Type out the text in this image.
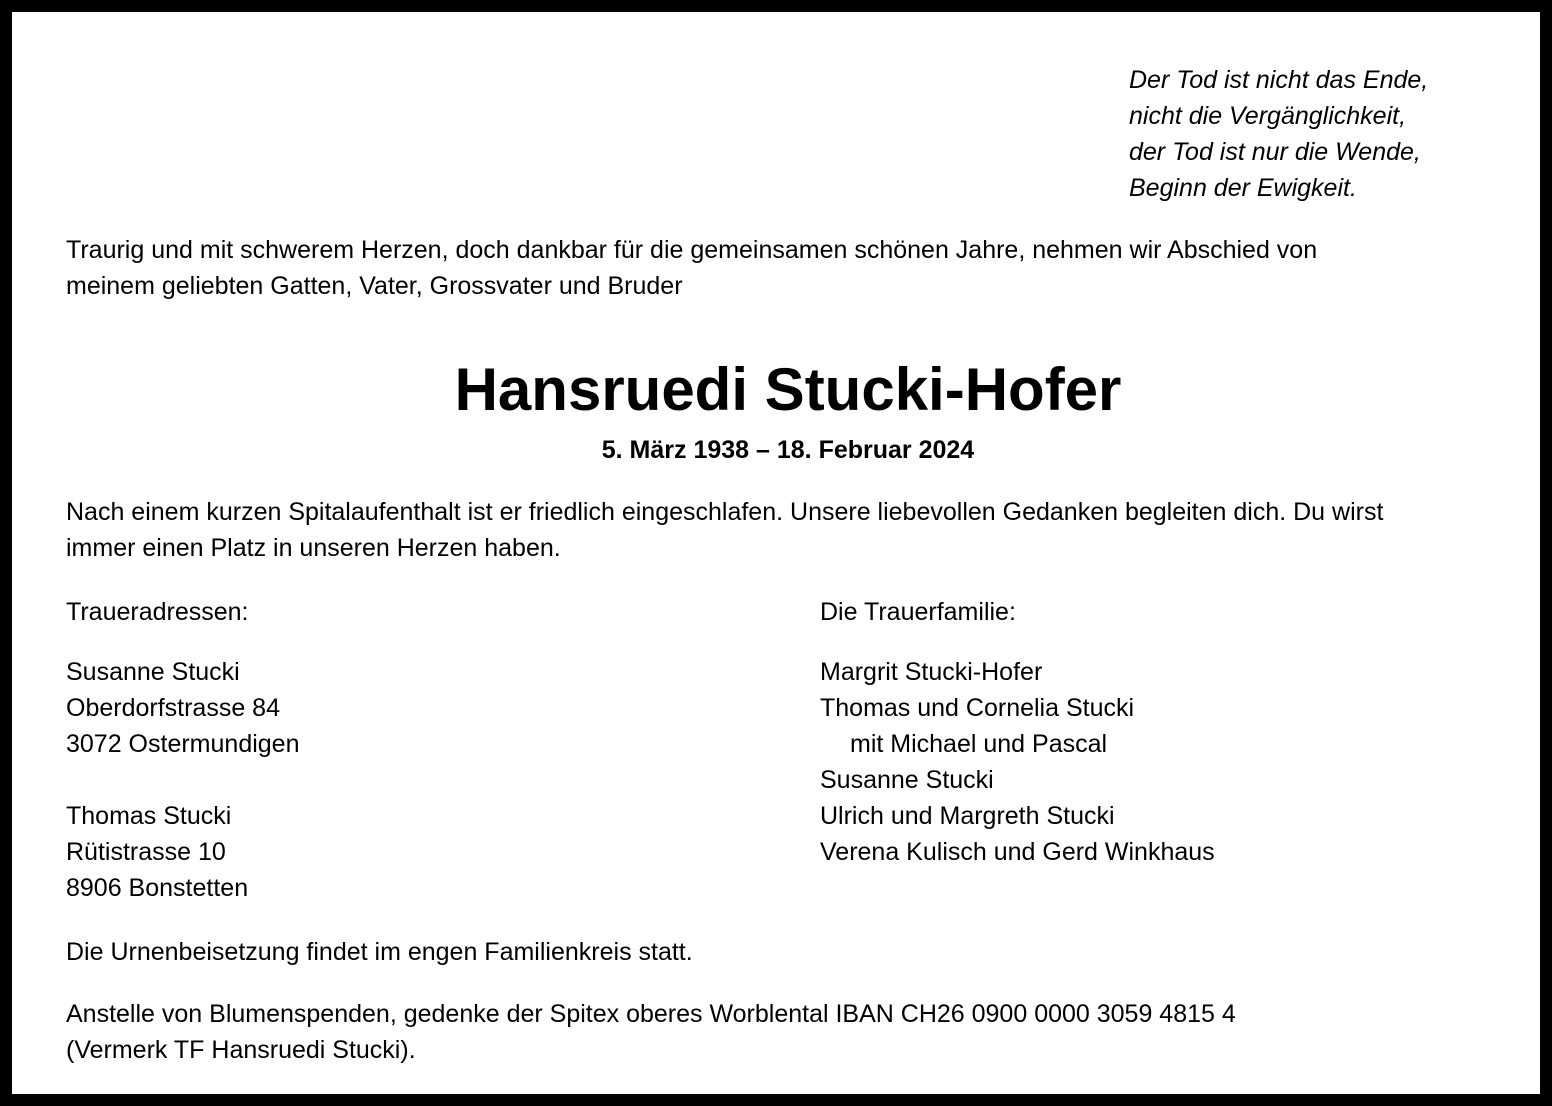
Der Tod ist nicht das Ende,
nicht die Vergänglichkeit,
der Tod ist nur die Wende,
Beginn der Ewigkeit.
Traurig und mit schwerem Herzen, doch dankbar für die gemeinsamen schönen Jahre, nehmen wir Abschied von
meinem geliebten Gatten, Vater, Grossvater und Bruder
Hansruedi Stucki-Hofer
5. März 1938 – 18. Februar 2024
Nach einem kurzen Spitalaufenthalt ist er friedlich eingeschlafen. Unsere liebevollen Gedanken begleiten dich. Du wirst
immer einen Platz in unseren Herzen haben.
Traueradressen:
Susanne Stucki
Oberdorfstrasse 84
3072 Ostermundigen
Thomas Stucki
Rütistrasse 10
8906 Bonstetten
Die Trauerfamilie:
Margrit Stucki-Hofer
Thomas und Cornelia Stucki
mit Michael und Pascal
Susanne Stucki
Ulrich und Margreth Stucki
Verena Kulisch und Gerd Winkhaus
Die Urnenbeisetzung findet im engen Familienkreis statt.
Anstelle von Blumenspenden, gedenke der Spitex oberes Worblental IBAN CH26 0900 0000 3059 4815 4
(Vermerk TF Hansruedi Stucki).
